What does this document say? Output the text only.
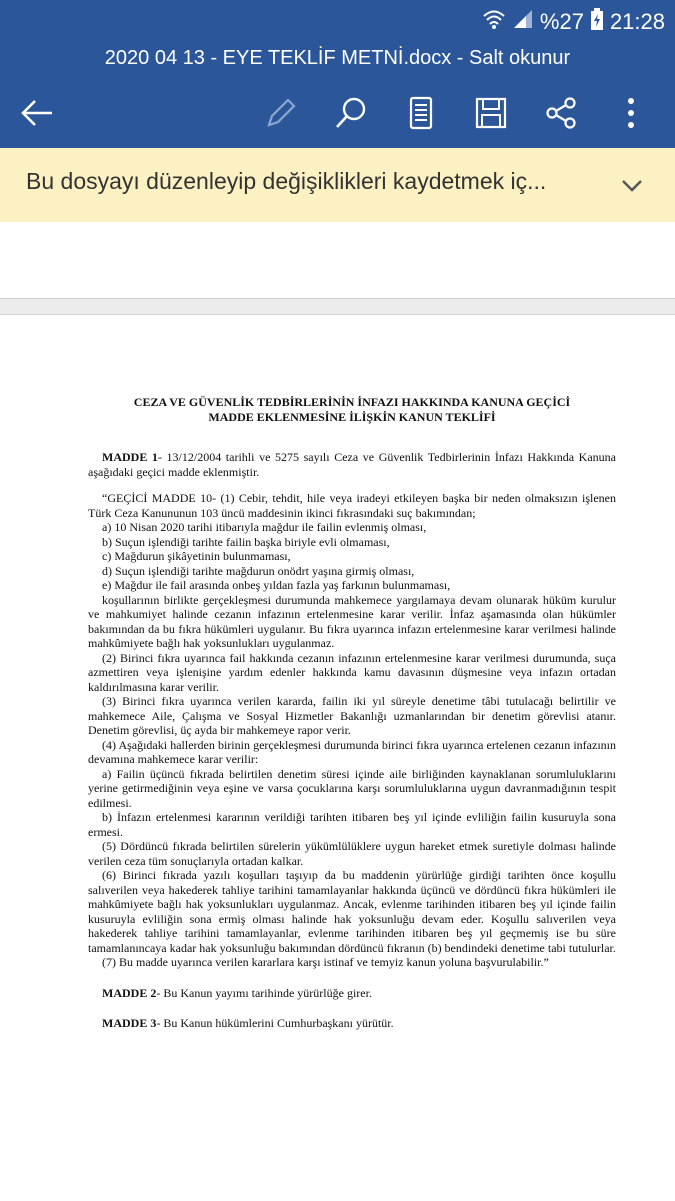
%27 21:28
2020 04 13 - EYE TEKLİF METNİ.docx - Salt okunur
Bu dosyayı düzenleyip değişiklikleri kaydetmek iç...
CEZA VE GÜVENLİK TEDBİRLERİNİN İNFAZI HAKKINDA KANUNA GEÇİCİ
MADDE EKLENMESİNE İLİŞKİN KANUN TEKLİFİ

MADDE 1- 13/12/2004 tarihli ve 5275 sayılı Ceza ve Güvenlik Tedbirlerinin İnfazı Hakkında Kanuna aşağıdaki geçici madde eklenmiştir.

“GEÇİCİ MADDE 10- (1) Cebir, tehdit, hile veya iradeyi etkileyen başka bir neden olmaksızın işlenen Türk Ceza Kanununun 103 üncü maddesinin ikinci fıkrasındaki suç bakımından;

a) 10 Nisan 2020 tarihi itibarıyla mağdur ile failin evlenmiş olması,

b) Suçun işlendiği tarihte failin başka biriyle evli olmaması,

c) Mağdurun şikâyetinin bulunmaması,

d) Suçun işlendiği tarihte mağdurun onödrt yaşına girmiş olması,

e) Mağdur ile fail arasında onbeş yıldan fazla yaş farkının bulunmaması,

koşullarının birlikte gerçekleşmesi durumunda mahkemece yargılamaya devam olunarak hüküm kurulur ve mahkumiyet halinde cezanın infazının ertelenmesine karar verilir. İnfaz aşamasında olan hükümler bakımından da bu fıkra hükümleri uygulanır. Bu fıkra uyarınca infazın ertelenmesine karar verilmesi halinde mahkûmiyete bağlı hak yoksunlukları uygulanmaz.

(2) Birinci fıkra uyarınca fail hakkında cezanın infazının ertelenmesine karar verilmesi durumunda, suça azmettiren veya işlenişine yardım edenler hakkında kamu davasının düşmesine veya infazın ortadan kaldırılmasına karar verilir.

(3) Birinci fıkra uyarınca verilen kararda, failin iki yıl süreyle denetime tâbi tutulacağı belirtilir ve mahkemece Aile, Çalışma ve Sosyal Hizmetler Bakanlığı uzmanlarından bir denetim görevlisi atanır. Denetim görevlisi, üç ayda bir mahkemeye rapor verir.

(4) Aşağıdaki hallerden birinin gerçekleşmesi durumunda birinci fıkra uyarınca ertelenen cezanın infazının devamına mahkemece karar verilir:

a) Failin üçüncü fıkrada belirtilen denetim süresi içinde aile birliğinden kaynaklanan sorumluluklarını yerine getirmediğinin veya eşine ve varsa çocuklarına karşı sorumluluklarına uygun davranmadığının tespit edilmesi.

b) İnfazın ertelenmesi kararının verildiği tarihten itibaren beş yıl içinde evliliğin failin kusuruyla sona ermesi.

(5) Dördüncü fıkrada belirtilen sürelerin yükümlülüklere uygun hareket etmek suretiyle dolması halinde verilen ceza tüm sonuçlarıyla ortadan kalkar.

(6) Birinci fıkrada yazılı koşulları taşıyıp da bu maddenin yürürlüğe girdiği tarihten önce koşullu salıverilen veya hakederek tahliye tarihini tamamlayanlar hakkında üçüncü ve dördüncü fıkra hükümleri ile mahkûmiyete bağlı hak yoksunlukları uygulanmaz. Ancak, evlenme tarihinden itibaren beş yıl içinde failin kusuruyla evliliğin sona ermiş olması halinde hak yoksunluğu devam eder. Koşullu salıverilen veya hakederek tahliye tarihini tamamlayanlar, evlenme tarihinden itibaren beş yıl geçmemiş ise bu süre tamamlanıncaya kadar hak yoksunluğu bakımından dördüncü fıkranın (b) bendindeki denetime tabi tutulurlar.

(7) Bu madde uyarınca verilen kararlara karşı istinaf ve temyiz kanun yoluna başvurulabilir.”

MADDE 2- Bu Kanun yayımı tarihinde yürürlüğe girer.

MADDE 3- Bu Kanun hükümlerini Cumhurbaşkanı yürütür.
